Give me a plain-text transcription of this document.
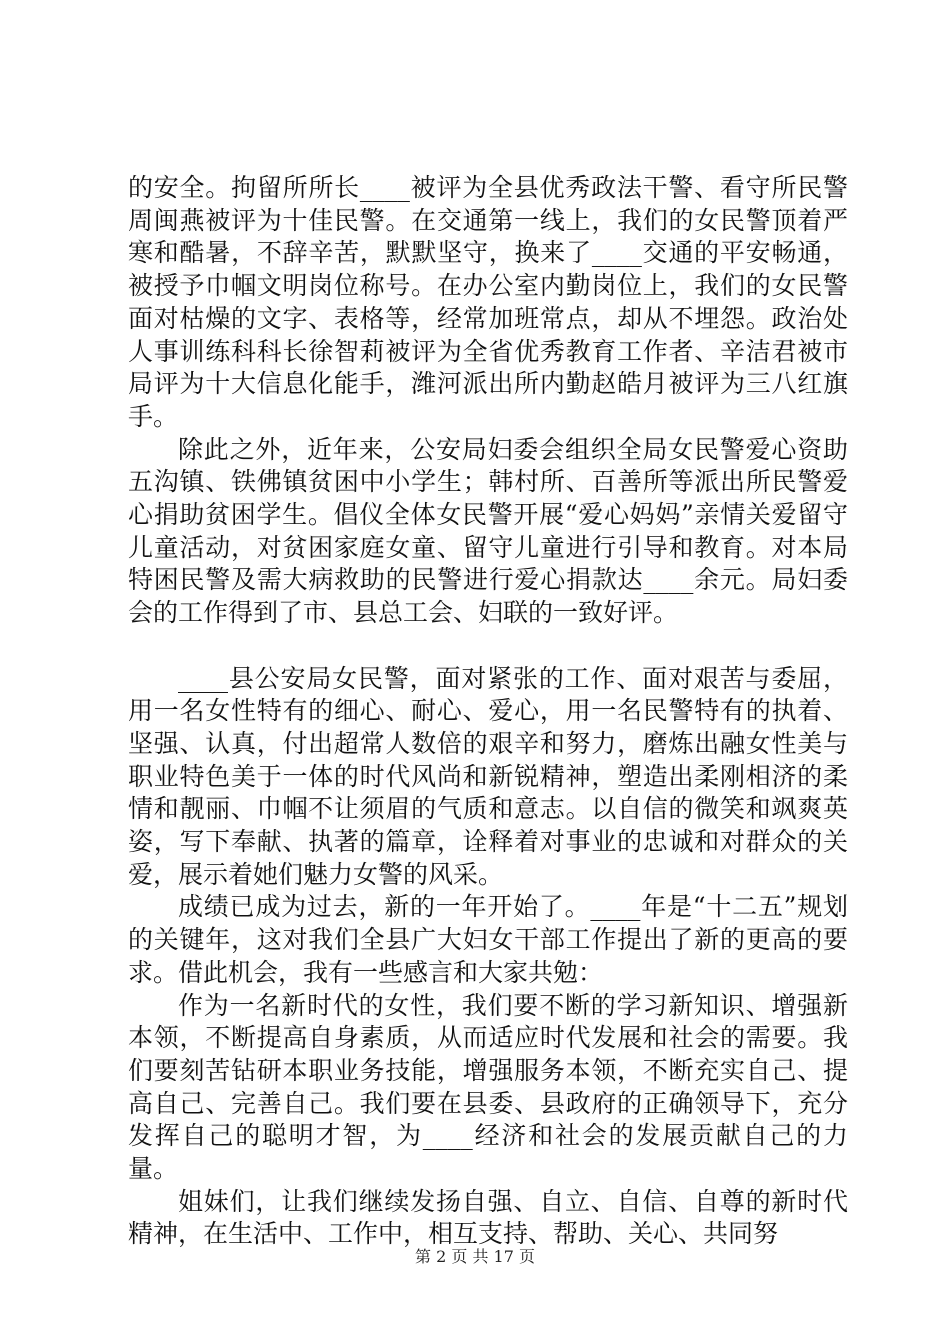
的安全。拘留所所长____被评为全县优秀政法干警、看守所民警周闽燕被评为十佳民警。在交通第一线上，我们的女民警顶着严寒和酷暑，不辞辛苦，默默坚守，换来了____交通的平安畅通，被授予巾帼文明岗位称号。在办公室内勤岗位上，我们的女民警面对枯燥的文字、表格等，经常加班常点，却从不埋怨。政治处人事训练科科长徐智莉被评为全省优秀教育工作者、辛洁君被市局评为十大信息化能手，潍河派出所内勤赵皓月被评为三八红旗手。

除此之外，近年来，公安局妇委会组织全局女民警爱心资助五沟镇、铁佛镇贫困中小学生；韩村所、百善所等派出所民警爱心捐助贫困学生。倡仪全体女民警开展“爱心妈妈”亲情关爱留守儿童活动，对贫困家庭女童、留守儿童进行引导和教育。对本局特困民警及需大病救助的民警进行爱心捐款达____余元。局妇委会的工作得到了市、县总工会、妇联的一致好评。

____县公安局女民警，面对紧张的工作、面对艰苦与委屈，用一名女性特有的细心、耐心、爱心，用一名民警特有的执着、坚强、认真，付出超常人数倍的艰辛和努力，磨炼出融女性美与职业特色美于一体的时代风尚和新锐精神，塑造出柔刚相济的柔情和靓丽、巾帼不让须眉的气质和意志。以自信的微笑和飒爽英姿，写下奉献、执著的篇章，诠释着对事业的忠诚和对群众的关爱，展示着她们魅力女警的风采。

成绩已成为过去，新的一年开始了。____年是“十二五”规划的关键年，这对我们全县广大妇女干部工作提出了新的更高的要求。借此机会，我有一些感言和大家共勉：

作为一名新时代的女性，我们要不断的学习新知识、增强新本领，不断提高自身素质，从而适应时代发展和社会的需要。我们要刻苦钻研本职业务技能，增强服务本领，不断充实自己、提高自己、完善自己。我们要在县委、县政府的正确领导下，充分发挥自己的聪明才智，为____经济和社会的发展贡献自己的力量。

姐妹们，让我们继续发扬自强、自立、自信、自尊的新时代精神，在生活中、工作中，相互支持、帮助、关心、共同努

第 2 页 共 17 页
